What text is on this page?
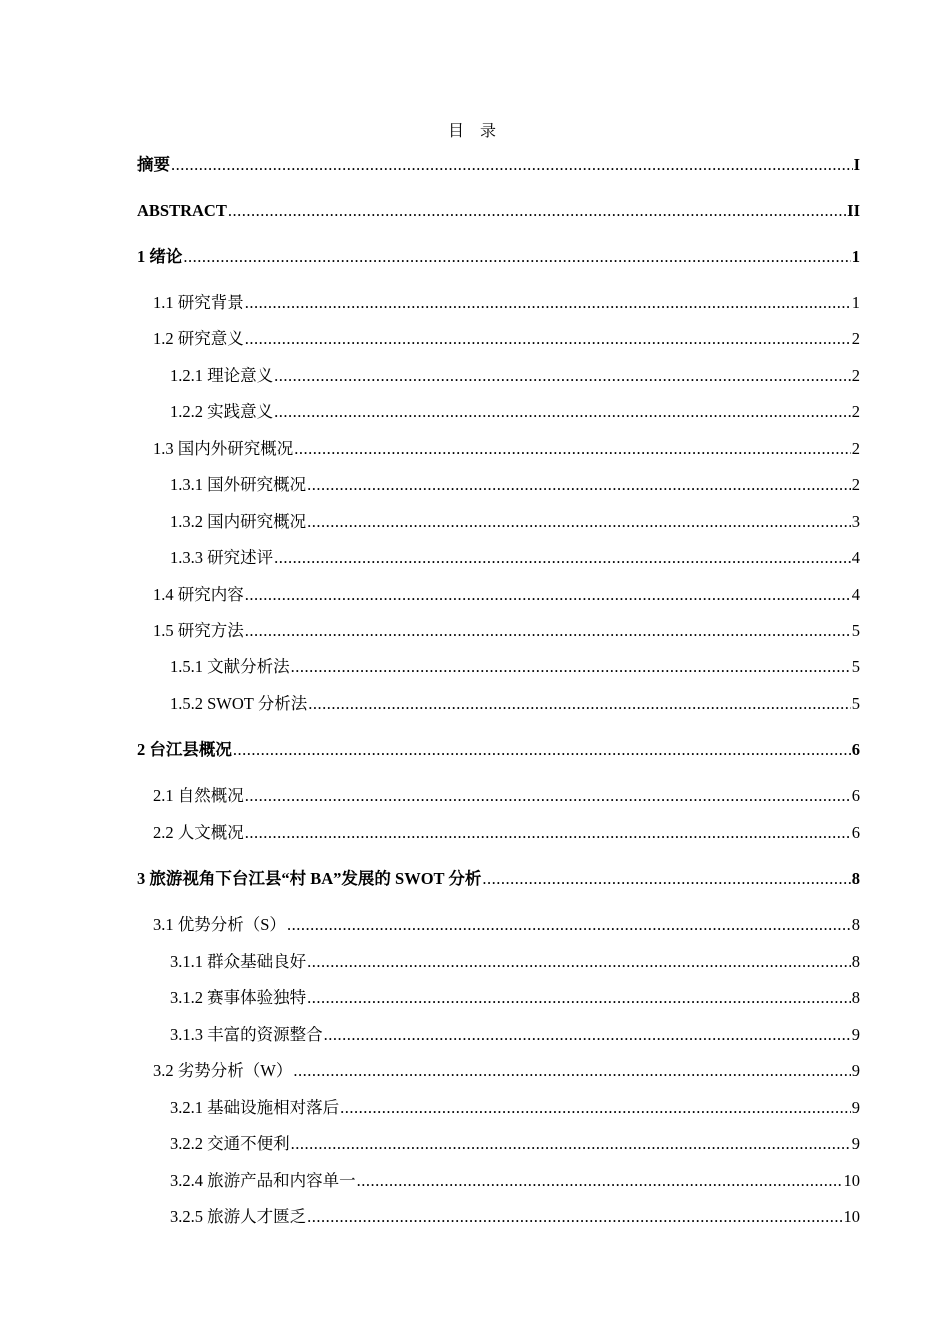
目 录
摘要 .....	I
ABSTRACT .....	II
1 绪论 .....	1
1.1 研究背景 .....	1
1.2 研究意义 .....	2
1.2.1 理论意义 .....	2
1.2.2 实践意义 .....	2
1.3 国内外研究概况 .....	2
1.3.1 国外研究概况 .....	2
1.3.2 国内研究概况 .....	3
1.3.3 研究述评 .....	4
1.4 研究内容 .....	4
1.5 研究方法 .....	5
1.5.1 文献分析法 .....	5
1.5.2 SWOT 分析法 .....	5
2 台江县概况 .....	6
2.1 自然概况 .....	6
2.2 人文概况 .....	6
3 旅游视角下台江县“村 BA”发展的 SWOT 分析 .....	8
3.1 优势分析（S） .....	8
3.1.1 群众基础良好 .....	8
3.1.2 赛事体验独特 .....	8
3.1.3 丰富的资源整合 .....	9
3.2 劣势分析（W） .....	9
3.2.1 基础设施相对落后 .....	9
3.2.2 交通不便利 .....	9
3.2.4 旅游产品和内容单一 .....	10
3.2.5 旅游人才匮乏 .....	10
